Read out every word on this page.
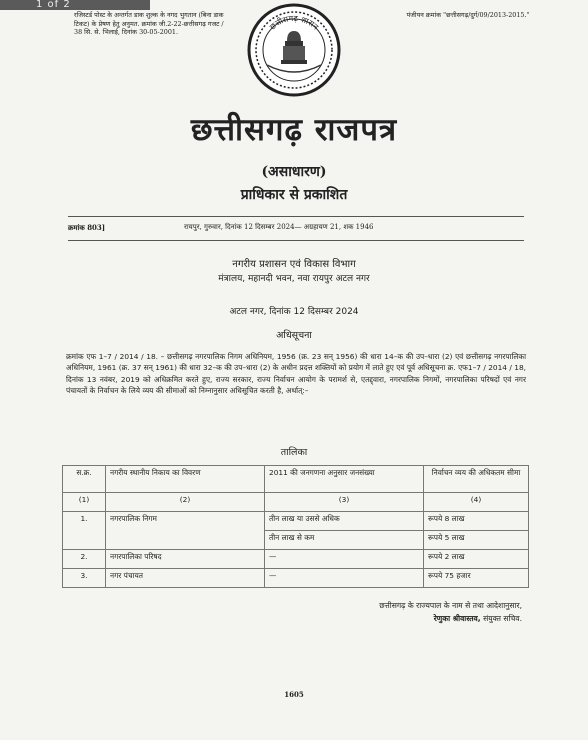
1 of 2
रजिस्टर्ड पोस्ट के अन्तर्गत डाक शुल्क के नगद भुगतान (बिना डाक टिकट) के प्रेषण हेतु अनुमत. क्रमांक जी.2-22-छत्तीसगढ़ गजट / 38 सि. से. भिलाई, दिनांक 30-05-2001.
पंजीयन क्रमांक "छत्तीसगढ़/दुर्ग/09/2013-2015."
छत्तीसगढ़ शासन
छत्तीसगढ़ राजपत्र
(असाधारण)
प्राधिकार से प्रकाशित
क्रमांक 803]	रायपुर, गुरुवार, दिनांक 12 दिसम्बर 2024— अग्रहायण 21, शक 1946
नगरीय प्रशासन एवं विकास विभाग
मंत्रालय, महानदी भवन, नवा रायपुर अटल नगर
अटल नगर, दिनांक 12 दिसम्बर 2024
अधिसूचना
क्रमांक एफ 1–7 / 2014 / 18. – छत्तीसगढ़ नगरपालिक निगम अधिनियम, 1956 (क्र. 23 सन् 1956) की धारा 14–क की उप–धारा (2) एवं छत्तीसगढ़ नगरपालिका अधिनियम, 1961 (क्र. 37 सन् 1961) की धारा 32–क की उप–धारा (2) के अधीन प्रदत्त शक्तियों को प्रयोग में लाते हुए एवं पूर्व अधिसूचना क्र. एफ1–7 / 2014 / 18, दिनांक 13 नवंबर, 2019 को अधिक्रमित करते हुए, राज्य सरकार, राज्य निर्वाचन आयोग के परामर्श से, एतद्द्वारा, नगरपालिक निगमों, नगरपालिका परिषदों एवं नगर पंचायतों के निर्वाचन के लिये व्यय की सीमाओं को निम्नानुसार अधिसूचित करती है, अर्थात्:–
तालिका
स.क्र.	नगरीय स्थानीय निकाय का विवरण	2011 की जनगणना अनुसार जनसंख्या	निर्वाचन व्यय की अधिकतम सीमा
(1)	(2)	(3)	(4)
1.	नगरपालिक निगम	तीन लाख या उससे अधिक	रूपये 8 लाख
		तीन लाख से कम	रूपये 5 लाख
2.	नगरपालिका परिषद	—	रूपये 2 लाख
3.	नगर पंचायत	—	रूपये 75 हजार
छत्तीसगढ़ के राज्यपाल के नाम से तथा आदेशानुसार,
रेणुका श्रीवास्तव, संयुक्त सचिव.
1605
